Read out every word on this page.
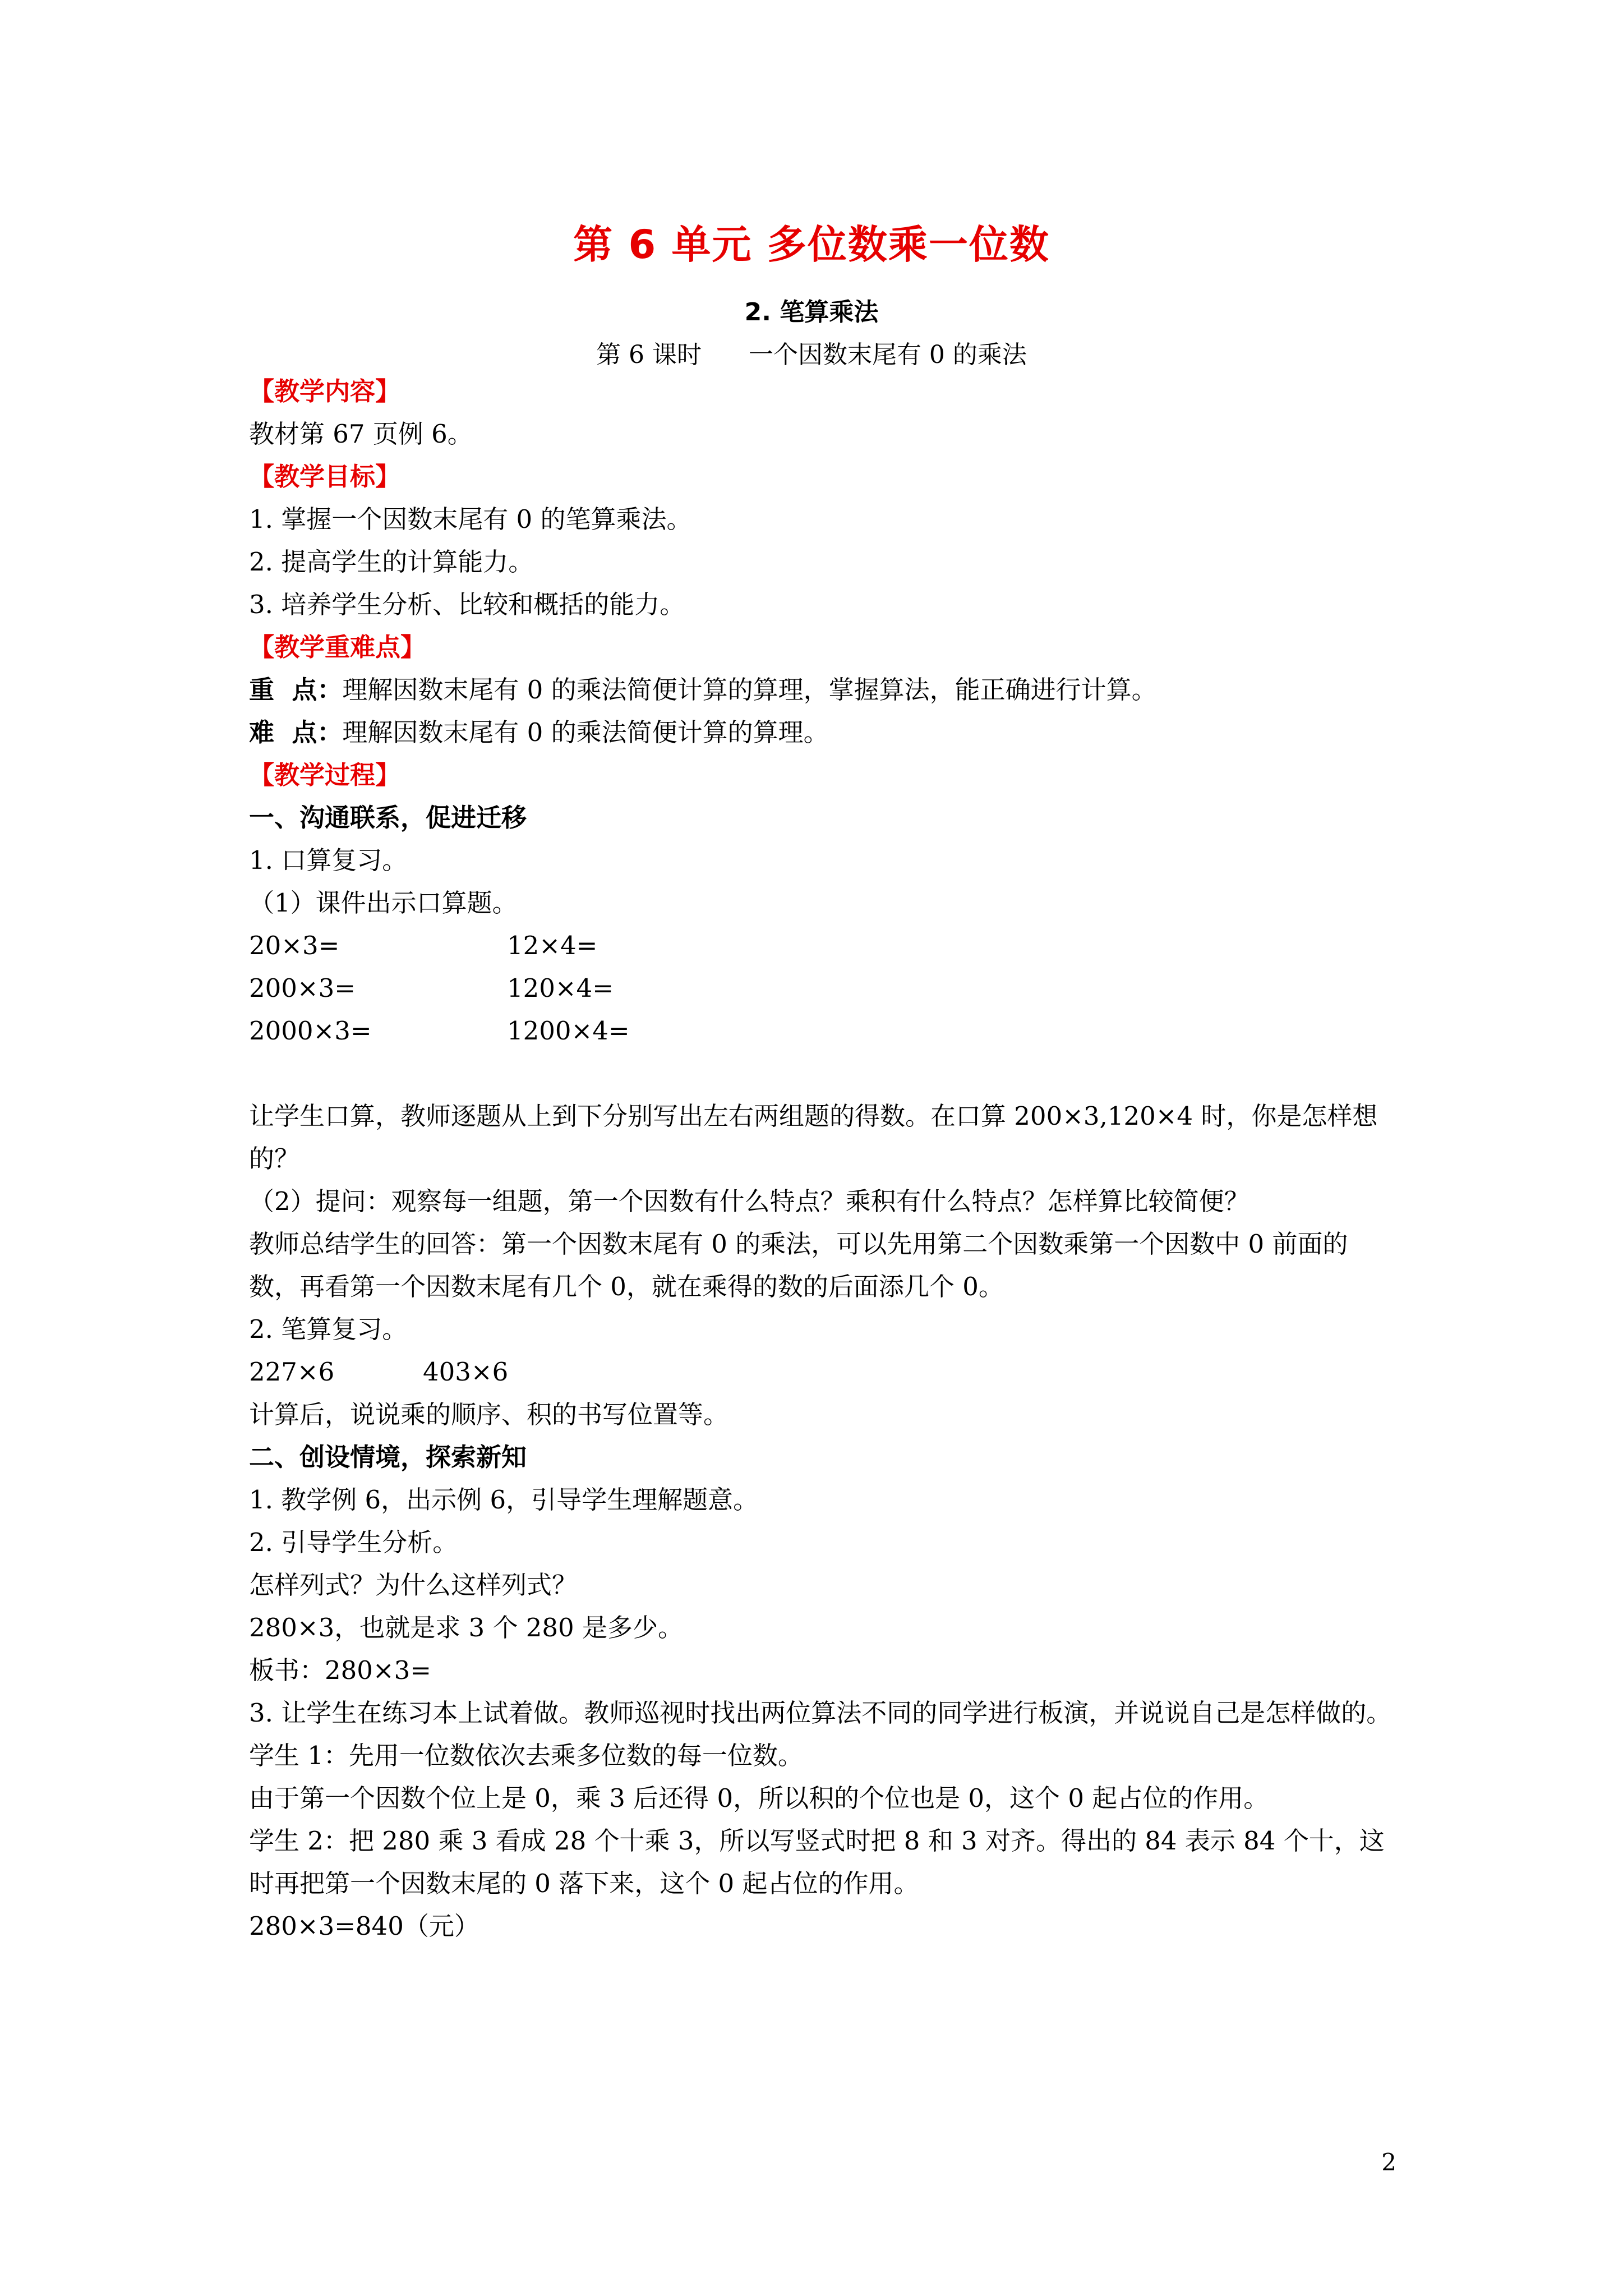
第 6 单元 多位数乘一位数
2. 笔算乘法
第 6 课时      一个因数末尾有 0 的乘法
【教学内容】
教材第 67 页例 6。
【教学目标】
1. 掌握一个因数末尾有 0 的笔算乘法。
2. 提高学生的计算能力。
3. 培养学生分析、比较和概括的能力。
【教学重难点】
重  点：理解因数末尾有 0 的乘法简便计算的算理，掌握算法，能正确进行计算。
难  点：理解因数末尾有 0 的乘法简便计算的算理。
【教学过程】
一、沟通联系，促进迁移
1. 口算复习。
（1）课件出示口算题。
20×3=	12×4=
200×3=	120×4=
2000×3=	1200×4=
让学生口算，教师逐题从上到下分别写出左右两组题的得数。在口算 200×3,120×4 时，你是怎样想的？
（2）提问：观察每一组题，第一个因数有什么特点？乘积有什么特点？怎样算比较简便？
教师总结学生的回答：第一个因数末尾有 0 的乘法，可以先用第二个因数乘第一个因数中 0 前面的数，再看第一个因数末尾有几个 0，就在乘得的数的后面添几个 0。
2. 笔算复习。
227×6	403×6
计算后，说说乘的顺序、积的书写位置等。
二、创设情境，探索新知
1. 教学例 6，出示例 6，引导学生理解题意。
2. 引导学生分析。
怎样列式？为什么这样列式？
280×3，也就是求 3 个 280 是多少。
板书：280×3=
3. 让学生在练习本上试着做。教师巡视时找出两位算法不同的同学进行板演，并说说自己是怎样做的。
学生 1：先用一位数依次去乘多位数的每一位数。
由于第一个因数个位上是 0，乘 3 后还得 0，所以积的个位也是 0，这个 0 起占位的作用。
学生 2：把 280 乘 3 看成 28 个十乘 3，所以写竖式时把 8 和 3 对齐。得出的 84 表示 84 个十，这时再把第一个因数末尾的 0 落下来，这个 0 起占位的作用。
280×3=840（元）
2
